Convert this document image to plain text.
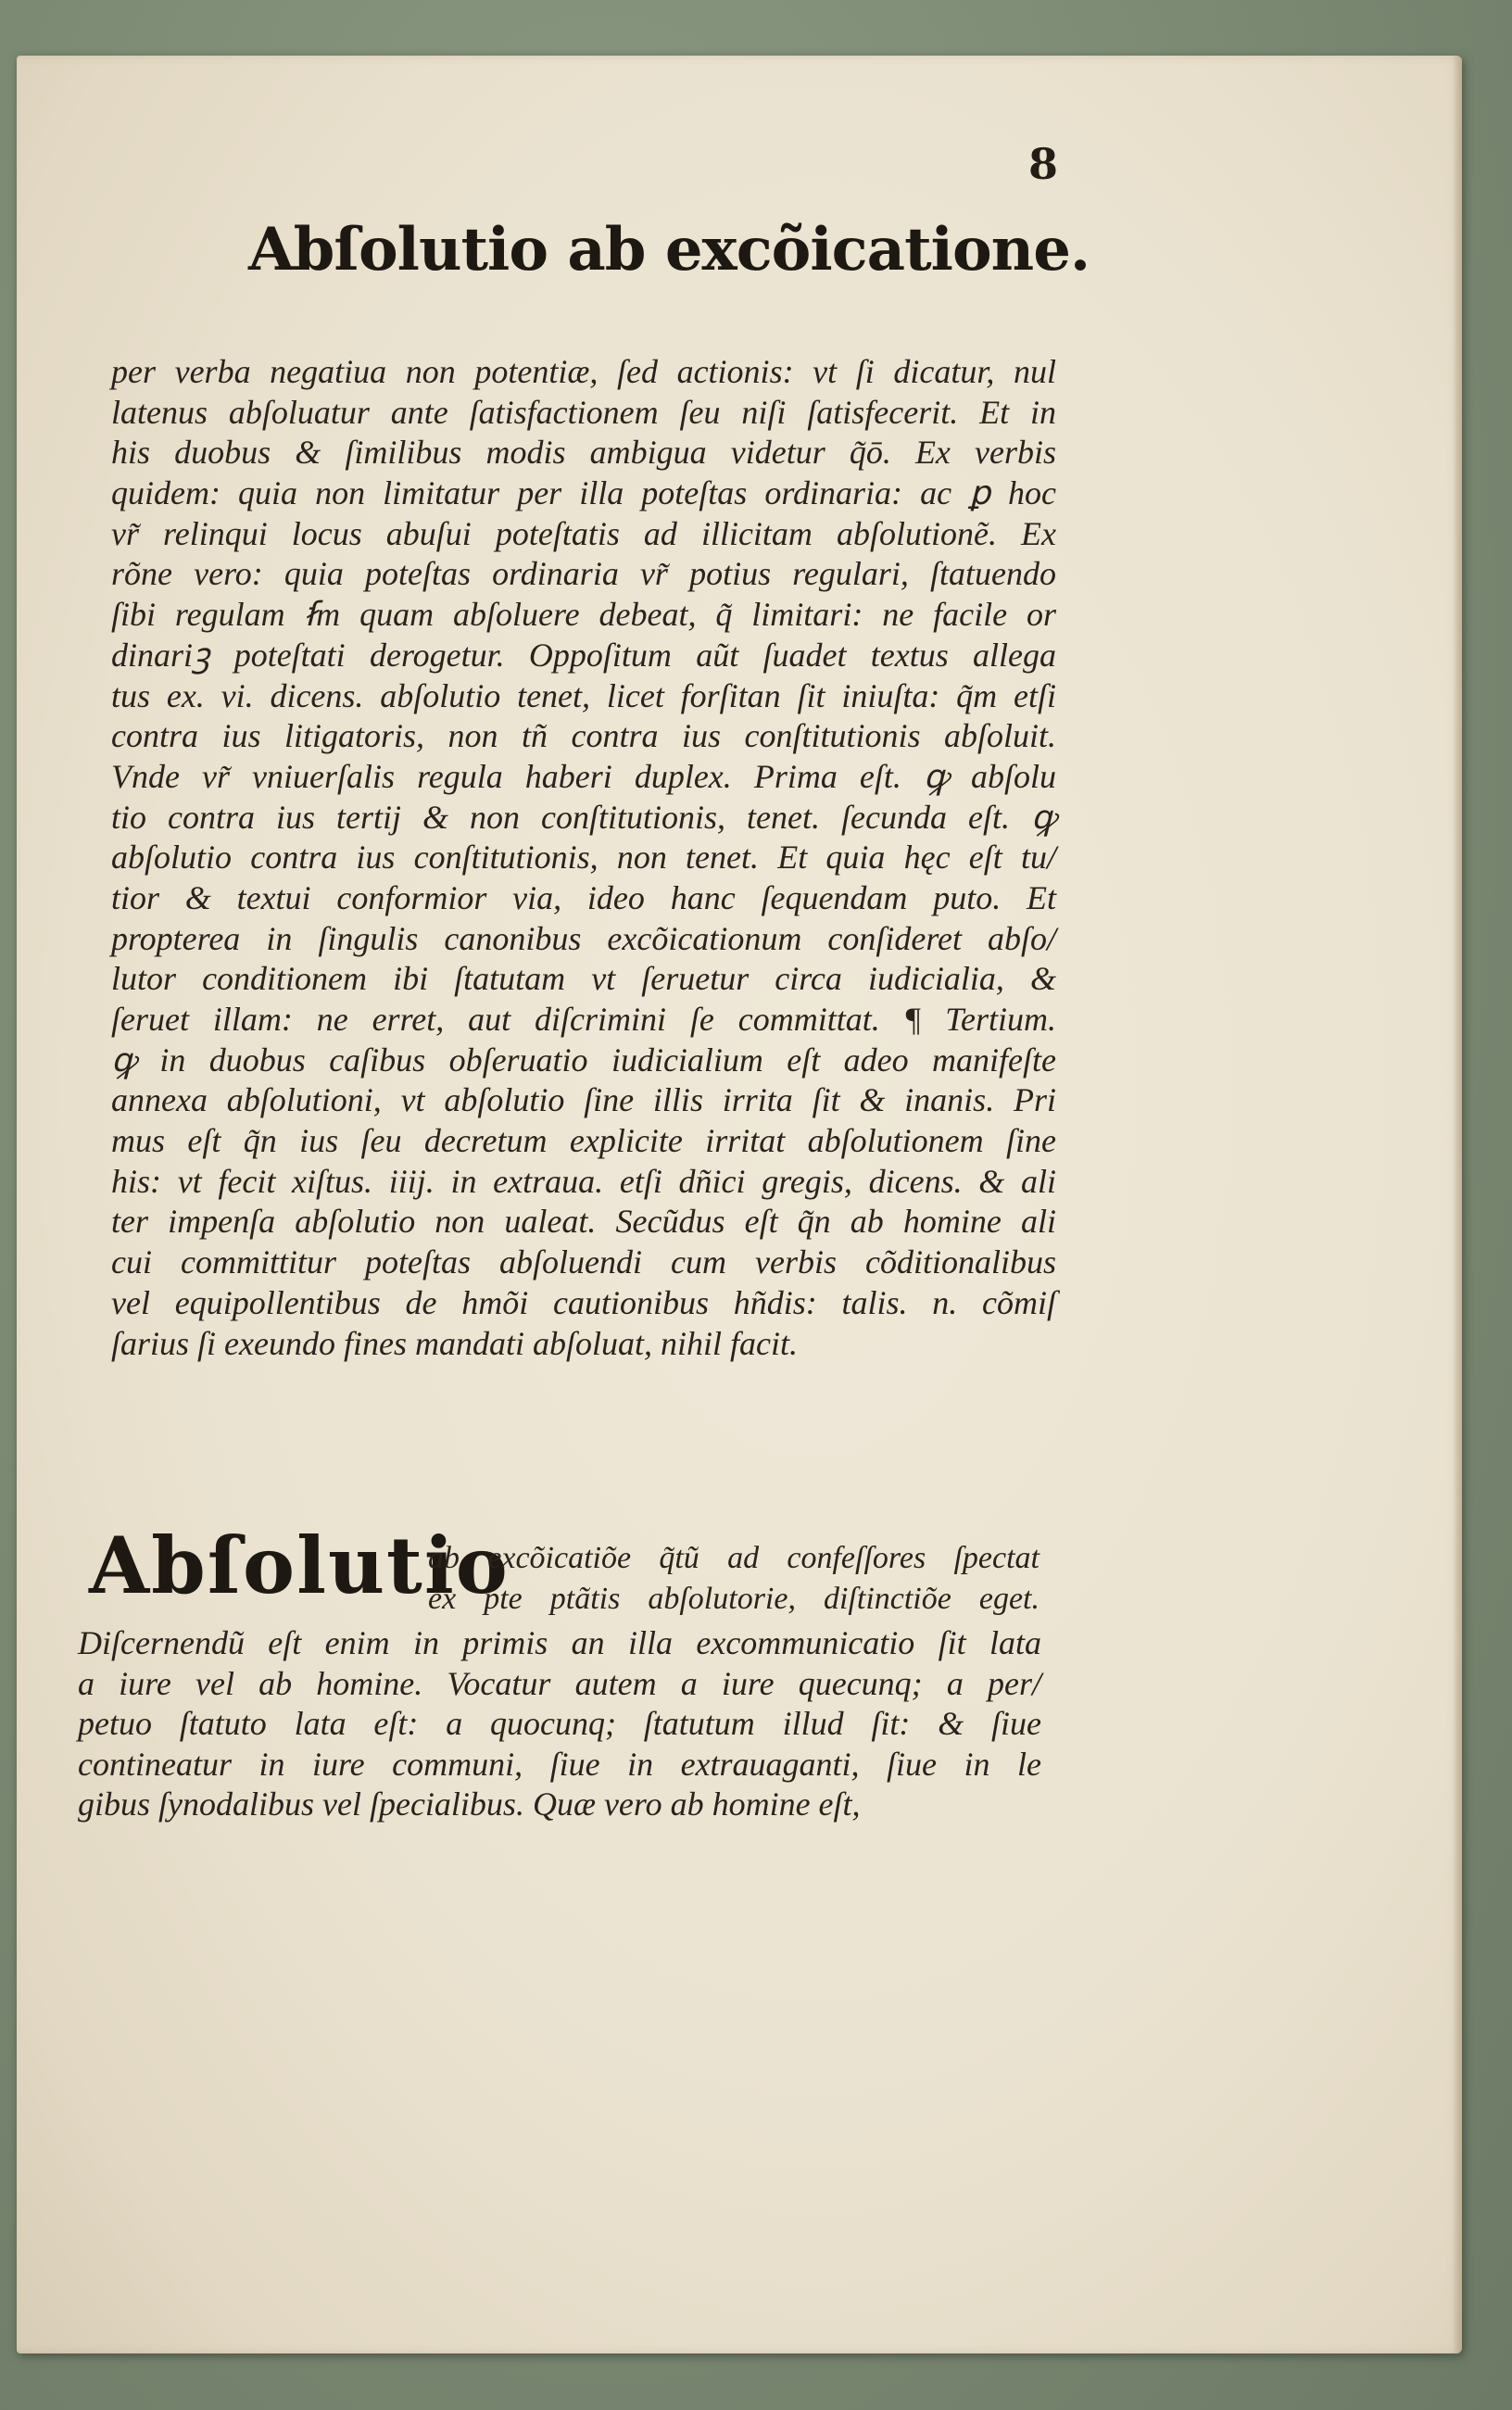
8
Abſolutio ab excõicatione.
per verba negatiua non potentiæ, ſed actionis: vt ſi dicatur, nul
latenus abſoluatur ante ſatisfactionem ſeu niſi ſatisfecerit. Et in
his duobus & ſimilibus modis ambigua videtur q̃ō. Ex verbis
quidem: quia non limitatur per illa poteſtas ordinaria: ac ꝑ hoc
vr̃ relinqui locus abuſui poteſtatis ad illicitam abſolutionẽ. Ex
rõne vero: quia poteſtas ordinaria vr̃ potius regulari, ſtatuendo
ſibi regulam ẜm quam abſoluere debeat, q̃ limitari: ne facile or
dinariꝫ poteſtati derogetur. Oppoſitum aũt ſuadet textus allega
tus ex. vi. dicens. abſolutio tenet, licet forſitan ſit iniuſta: q̃m etſi
contra ius litigatoris, non tñ contra ius conſtitutionis abſoluit.
Vnde vr̃ vniuerſalis regula haberi duplex. Prima eſt. ꝙ abſolu
tio contra ius tertij & non conſtitutionis, tenet. ſecunda eſt. ꝙ
abſolutio contra ius conſtitutionis, non tenet. Et quia hęc eſt tu/
tior & textui conformior via, ideo hanc ſequendam puto. Et
propterea in ſingulis canonibus excõicationum conſideret abſo/
lutor conditionem ibi ſtatutam vt ſeruetur circa iudicialia, &
ſeruet illam: ne erret, aut diſcrimini ſe committat. ¶ Tertium.
ꝙ in duobus caſibus obſeruatio iudicialium eſt adeo manifeſte
annexa abſolutioni, vt abſolutio ſine illis irrita ſit & inanis. Pri
mus eſt q̃n ius ſeu decretum explicite irritat abſolutionem ſine
his: vt fecit xiſtus. iiij. in extraua. etſi dñici gregis, dicens. & ali
ter impenſa abſolutio non ualeat. Secũdus eſt q̃n ab homine ali
cui committitur poteſtas abſoluendi cum verbis cõditionalibus
vel equipollentibus de hmõi cautionibus hñdis: talis. n. cõmiſ
ſarius ſi exeundo fines mandati abſoluat, nihil facit.
Abſolutio
ab excõicatiõe q̃tũ ad confeſſores ſpectat
ex pte ptãtis abſolutorie, diſtinctiõe eget.
Diſcernendũ eſt enim in primis an illa excommunicatio ſit lata
a iure vel ab homine. Vocatur autem a iure quecunq; a per/
petuo ſtatuto lata eſt: a quocunq; ſtatutum illud ſit: & ſiue
contineatur in iure communi, ſiue in extrauaganti, ſiue in le
gibus ſynodalibus vel ſpecialibus. Quæ vero ab homine eſt,
